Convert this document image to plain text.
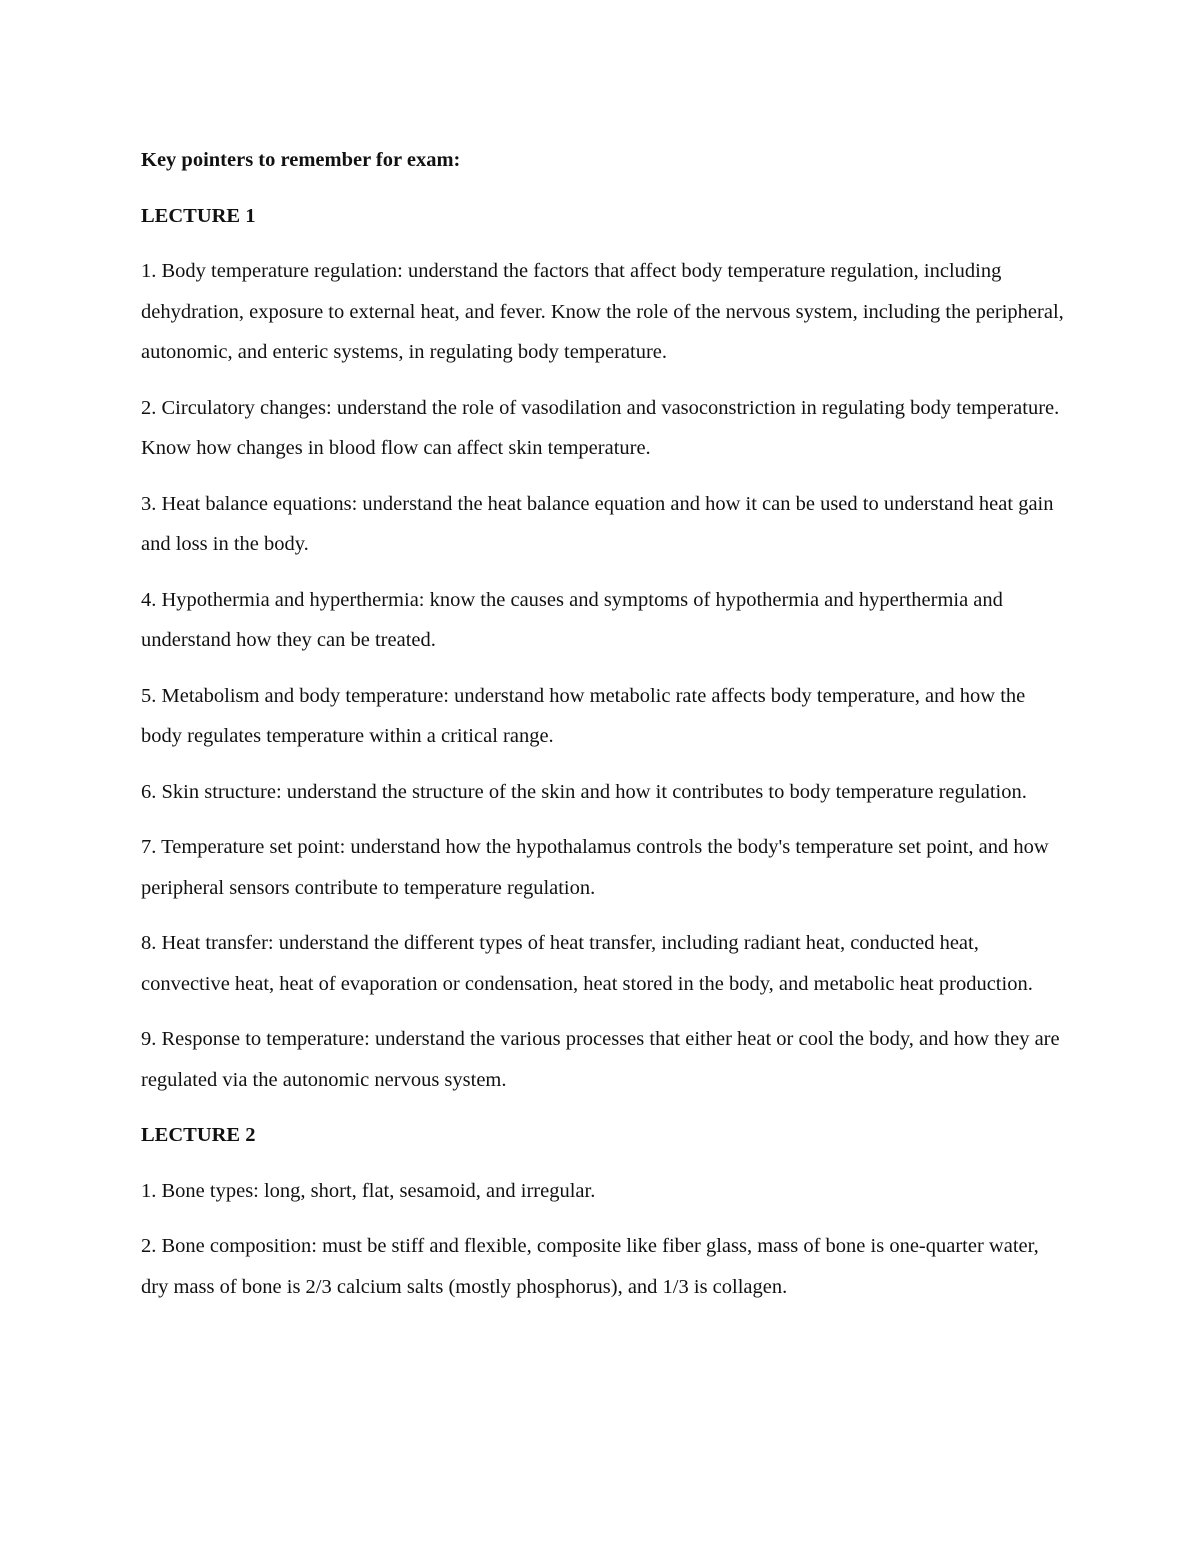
Key pointers to remember for exam:

LECTURE 1

1. Body temperature regulation: understand the factors that affect body temperature regulation, including dehydration, exposure to external heat, and fever. Know the role of the nervous system, including the peripheral, autonomic, and enteric systems, in regulating body temperature.

2. Circulatory changes: understand the role of vasodilation and vasoconstriction in regulating body temperature. Know how changes in blood flow can affect skin temperature.

3. Heat balance equations: understand the heat balance equation and how it can be used to understand heat gain and loss in the body.

4. Hypothermia and hyperthermia: know the causes and symptoms of hypothermia and hyperthermia and understand how they can be treated.

5. Metabolism and body temperature: understand how metabolic rate affects body temperature, and how the body regulates temperature within a critical range.

6. Skin structure: understand the structure of the skin and how it contributes to body temperature regulation.

7. Temperature set point: understand how the hypothalamus controls the body's temperature set point, and how peripheral sensors contribute to temperature regulation.

8. Heat transfer: understand the different types of heat transfer, including radiant heat, conducted heat, convective heat, heat of evaporation or condensation, heat stored in the body, and metabolic heat production.

9. Response to temperature: understand the various processes that either heat or cool the body, and how they are regulated via the autonomic nervous system.

LECTURE 2

1. Bone types: long, short, flat, sesamoid, and irregular.

2. Bone composition: must be stiff and flexible, composite like fiber glass, mass of bone is one-quarter water, dry mass of bone is 2/3 calcium salts (mostly phosphorus), and 1/3 is collagen.
